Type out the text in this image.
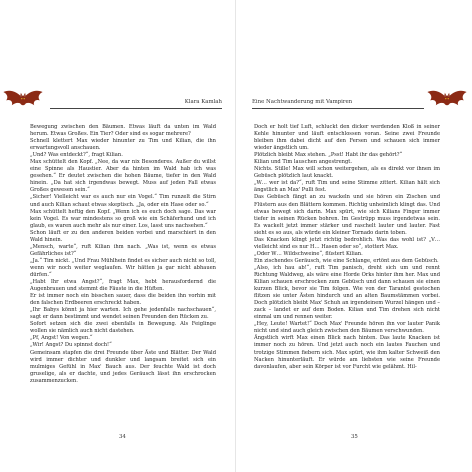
Klara Kamlah

Bewegung zwischen den Bäumen. Etwas läuft da unten im Wald herum. Etwas Großes. Ein Tier? Oder sind es sogar mehrere?

Schnell klettert Max wieder hinunter zu Tim und Kilian, die ihn erwartungsvoll anschauen.

„Und? Was entdeckt?“, fragt Kilian.

Max schüttelt den Kopf. „Nee, da war nix Besonderes. Außer du willst eine Spinne als Haustier. Aber da hinten im Wald hab ich was gesehen.“ Er deutet zwischen die hohen Bäume, tiefer in den Wald hinein. „Da hat sich irgendwas bewegt. Muss auf jeden Fall etwas Großes gewesen sein.“

„Sicher! Vielleicht war es auch nur ein Vogel.“ Tim runzelt die Stirn und auch Kilian schaut etwas skeptisch. „Ja, oder ein Hase oder so.“

Max schüttelt heftig den Kopf. „Wenn ich es euch doch sage. Das war kein Vogel. Es war mindestens so groß wie ein Schäferhund und ich glaub, es waren auch mehr als nur einer. Los, lasst uns nachsehen.“

Schon läuft er zu den anderen beiden vorbei und marschiert in den Wald hinein.

„Mensch, warte“, ruft Kilian ihm nach. „Was ist, wenn es etwas Gefährliches ist?“

„Ja.“ Tim nickt. „Und Frau Mühlhein findet es sicher auch nicht so toll, wenn wir noch weiter weglaufen. Wir hätten ja gar nicht abhauen dürfen.“

„Habt Ihr etwa Angst?“, fragt Max, hebt herausfordernd die Augenbrauen und stemmt die Fäuste in die Hüften.

Er ist immer noch ein bisschen sauer, dass die beiden ihn vorhin mit den falschen Erdbeeren erschreckt haben.

„Ihr Babys könnt ja hier warten. Ich gehe jedenfalls nachschauen“, sagt er dann bestimmt und wendet seinen Freunden den Rücken zu.

Sofort setzen sich die zwei ebenfalls in Bewegung. Als Feiglinge wollen sie nämlich auch nicht dastehen.

„Pf, Angst! Von wegen.“

„Wir! Angst? Du spinnst doch!“

Gemeinsam stapfen die drei Freunde über Äste und Blätter. Der Wald wird immer dichter und dunkler und langsam breitet sich ein mulmiges Gefühl in Max' Bauch aus. Der feuchte Wald ist doch gruselige, als er dachte, und jedes Geräusch lässt ihn erschrocken zusammenzucken.

34
Eine Nachtwanderung mit Vampiren

Doch er holt tief Luft, schluckt den dicker werdenden Kloß in seiner Kehle hinunter und läuft entschlossen voran. Seine zwei Freunde bleiben ihm dabei dicht auf den Fersen und schauen sich immer wieder ängstlich um.

Plötzlich bleibt Max stehen. „Psst! Habt ihr das gehört?“

Kilian und Tim lauschen angestrengt.

Nichts. Stille! Max will schon weitergehen, als es direkt vor ihnen im Gebüsch plötzlich laut knackt.

„W… wer ist da?“, ruft Tim und seine Stimme zittert. Kilian hält sich ängstlich an Max' Pulli fest.

Das Gebüsch fängt an zu wackeln und sie hören ein Zischen und Flüstern aus den Blättern kommen. Richtig unheimlich klingt das. Und etwas bewegt sich darin. Max spürt, wie sich Kilians Finger immer tiefer in seinen Rücken bohren. Im Gestrüpp muss irgendetwas sein. Es wackelt jetzt immer stärker und raschelt lauter und lauter. Fast sieht es so aus, als würde ein kleiner Tornado darin toben.

Das Knacken klingt jetzt richtig bedrohlich. Was das wohl ist? „V… vielleicht sind es nur H… Hasen oder so“, stottert Max.

„Oder W… Wildschweine“, flüstert Kilian.

Ein zischendes Geräusch, wie eine Schlange, ertönt aus dem Gebüsch.

„Also, ich hau ab!“, ruft Tim panisch, dreht sich um und rennt Richtung Waldweg, als wäre eine Horde Orks hinter ihm her. Max und Kilian schauen erschrocken zum Gebüsch und dann schauen sie einen kurzen Blick, bevor sie Tim folgen. Wie von der Tarantel gestochen flitzen sie unter Ästen hindurch und an alten Baumstämmen vorbei. Doch plötzlich bleibt Max' Schuh an irgendeinem Wurzel hängen und – zack – landet er auf dem Boden. Kilian und Tim drehen sich nicht einmal um und rennen weiter.

„Hey, Leute! Wartet!“ Doch Max' Freunde hören ihn vor lauter Panik nicht und sind auch gleich zwischen den Bäumen verschwunden.

Ängstlich wirft Max einen Blick nach hinten. Das laute Knacken ist immer noch zu hören. Und jetzt auch noch ein lautes Fauchen und trotzige Stimmen fiebern sich. Max spürt, wie ihm kalter Schweiß den Nacken hinunterläuft. Er würde am liebsten wie seine Freunde davonlaufen, aber sein Körper ist vor Furcht wie gelähmt. Hil-

35
